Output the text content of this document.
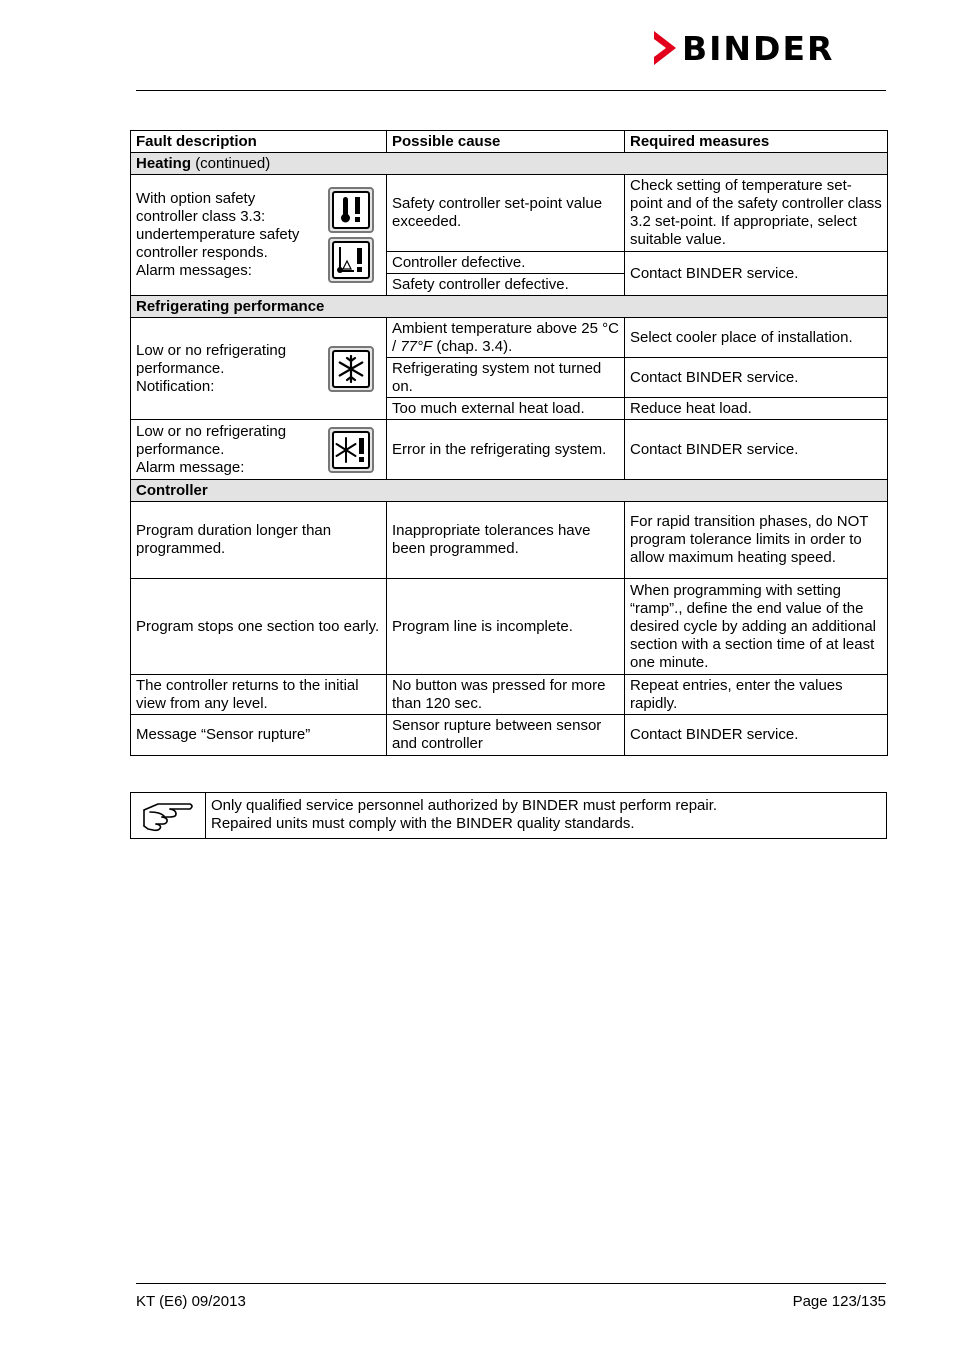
BINDER
Fault description	Possible cause	Required measures
Heating (continued)		

With option safety controller class 3.3: undertemperature safety controller responds.
Alarm messages:	Safety controller set-point value exceeded.	Check setting of temperature set-point and of the safety controller class 3.2 set-point. If appropriate, select suitable value.
	Controller defective.	Contact BINDER service.
	Safety controller defective.	
Refrigerating performance		

Low or no refrigerating performance.
Notification:	Ambient temperature above 25 °C / 77°F (chap. 3.4).	Select cooler place of installation.
	Refrigerating system not turned on.	Contact BINDER service.
	Too much external heat load.	Reduce heat load.

Low or no refrigerating performance.
Alarm message:	Error in the refrigerating system.	Contact BINDER service.
Controller		
Program duration longer than programmed.	Inappropriate tolerances have been programmed.	For rapid transition phases, do NOT program tolerance limits in order to allow maximum heating speed.
Program stops one section too early.	Program line is incomplete.	When programming with setting “ramp”., define the end value of the desired cycle by adding an additional section with a section time of at least one minute.
The controller returns to the initial view from any level.	No button was pressed for more than 120 sec.	Repeat entries, enter the values rapidly.
Message “Sensor rupture”	Sensor rupture between sensor and controller	Contact BINDER service.
Only qualified service personnel authorized by BINDER must perform repair.
Repaired units must comply with the BINDER quality standards.
KT (E6) 09/2013	Page 123/135
